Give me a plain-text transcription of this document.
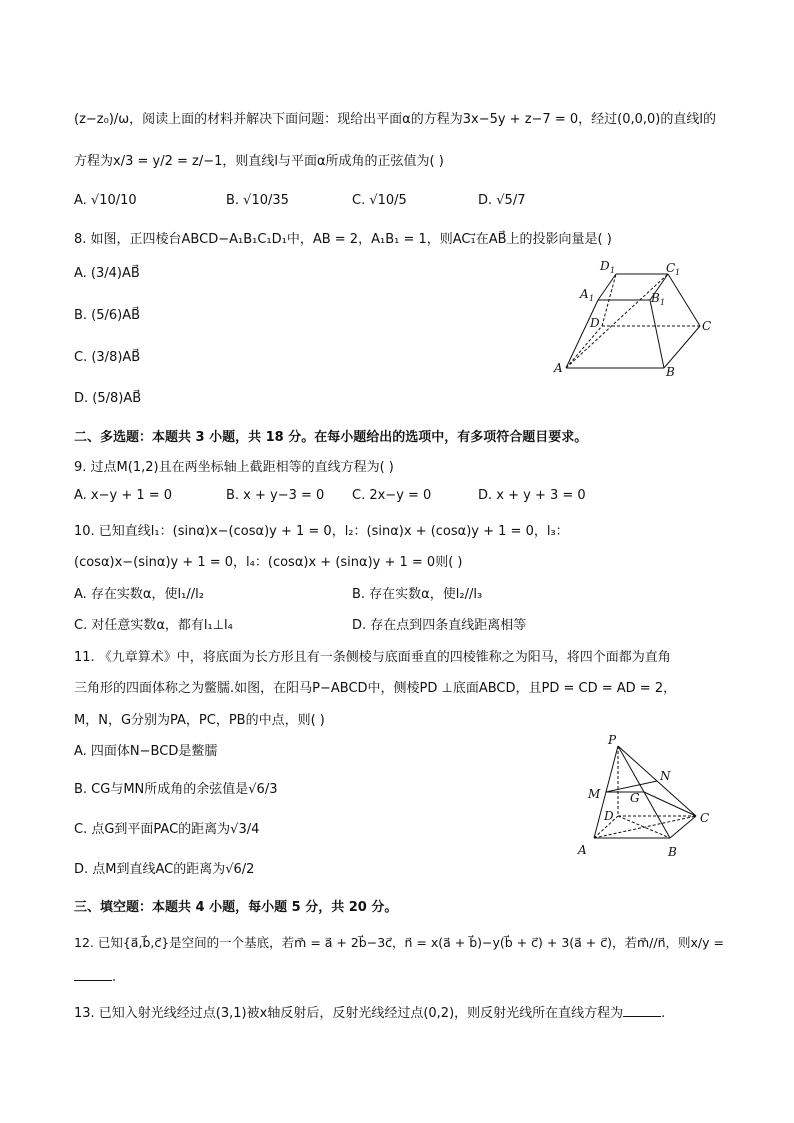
(z−z₀)/ω，阅读上面的材料并解决下面问题：现给出平面α的方程为3x−5y + z−7 = 0，经过(0,0,0)的直线l的
方程为x/3 = y/2 = z/−1，则直线l与平面α所成角的正弦值为( )
A. √10/10	B. √10/35	C. √10/5	D. √5/7
8. 如图，正四棱台ABCD−A₁B₁C₁D₁中，AB = 2，A₁B₁ = 1，则AC₁⃗在AB⃗上的投影向量是( )
A. (3/4)AB⃗
B. (5/6)AB⃗
C. (3/8)AB⃗
D. (5/8)AB⃗
D 1	C 1
A 1	B 1
D	C
A	B
二、多选题：本题共 3 小题，共 18 分。在每小题给出的选项中，有多项符合题目要求。
9. 过点M(1,2)且在两坐标轴上截距相等的直线方程为( )
A. x−y + 1 = 0	B. x + y−3 = 0 C. 2x−y = 0	D. x + y + 3 = 0
10. 已知直线l₁：(sinα)x−(cosα)y + 1 = 0，l₂：(sinα)x + (cosα)y + 1 = 0，l₃：
(cosα)x−(sinα)y + 1 = 0，l₄：(cosα)x + (sinα)y + 1 = 0则( )
A. 存在实数α，使l₁//l₂	B. 存在实数α，使l₂//l₃
C. 对任意实数α，都有l₁⊥l₄	D. 存在点到四条直线距离相等
11. 《九章算术》中，将底面为长方形且有一条侧棱与底面垂直的四棱锥称之为阳马，将四个面都为直角
三角形的四面体称之为鳖臑.如图，在阳马P−ABCD中，侧棱PD ⊥底面ABCD，且PD = CD = AD = 2，
M，N，G分别为PA，PC，PB的中点，则( )
A. 四面体N−BCD是鳖臑
B. CG与MN所成角的余弦值是√6/3
C. 点G到平面PAC的距离为√3/4
D. 点M到直线AC的距离为√6/2
P
N
M G
D	C
A	B
三、填空题：本题共 4 小题，每小题 5 分，共 20 分。
12. 已知{a⃗,b⃗,c⃗}是空间的一个基底，若m⃗ = a⃗ + 2b⃗−3c⃗，n⃗ = x(a⃗ + b⃗)−y(b⃗ + c⃗) + 3(a⃗ + c⃗)，若m⃗//n⃗，则x/y =
.
13. 已知入射光线经过点(3,1)被x轴反射后，反射光线经过点(0,2)，则反射光线所在直线方程为	.
